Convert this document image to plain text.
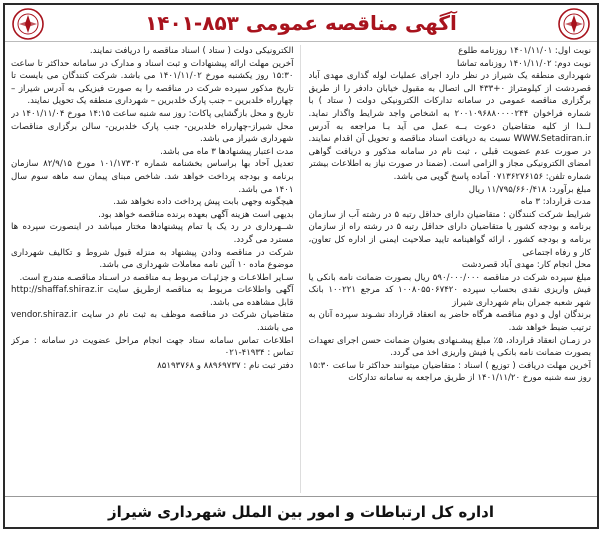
آگهی مناقصه عمومی ۸۵۳-۱۴۰۱

نوبت اول: ۱۴۰۱/۱۱/۰۱ روزنامه طلوع

نوبت دوم: ۱۴۰۱/۱۱/۰۲ روزنامه تماشا

شهرداری منطقه یک شیراز در نظر دارد اجرای عملیات لوله گذاری مهدی آباد قصردشت از کیلومتراژ ۰+۴۳۳ الی اتصال به مقبول خیابان دادفر را از طریق برگزاری مناقصه عمومی در سامانه تدارکات الکترونیکی دولت ( ستاد ) با شماره فراخوان ۲۰۰۱۰۹۶۸۸۰۰۰۰۲۴۴ به اشخاص واجد شرایط واگذار نماید. لــذا از کلیه متقاضیان دعوت بــه عمل می آید بـا مراجعه به آدرس WWW.Setadiran.ir نسبت به دریافت اسناد مناقصه و تحویل آن اقدام نمایند. در صورت عدم عضویت قبلی ، ثبت نام در سامانه مذکور و دریافت گواهی امضای الکترونیکی مجاز و الزامی است. (ضمنا در صورت نیاز به اطلاعات بیشتر شماره تلفن: ۰۷۱۳۶۲۷۶۱۵۶ آماده پاسخ گویی می باشد.

مبلغ برآورد: ۱۱/۷۹۵/۶۶۰/۴۱۸ ریال

مدت قرارداد: ۳ ماه

شرایط شرکت کنندگان : متقاضیان دارای حداقل رتبه ۵ در رشته آب از سازمان برنامه و بودجه کشور یا متقاضیان دارای حداقل رتبه ۵ در رشته راه از سازمان برنامه و بودجه کشور ، ارائه گواهینامه تایید صلاحیت ایمنی از اداره کل تعاون، کار و رفاه اجتماعی

محل انجام کار: مهدی آباد قصردشت

مبلغ سپرده شرکت در مناقصه ۵۹۰/۰۰۰/۰۰۰ ریال بصورت ضمانت نامه بانکی یا فیش واریزی نقدی بحساب سپرده ۱۰۰۸۰۵۵۰۶۷۴۲۰ کد مرجع ۱۰۰۲۲۱ بانک شهر شعبه جمران بنام شهرداری شیراز

برندگان اول و دوم مناقصه هرگاه حاضر به انعقاد قرارداد نشـوند سپرده آنان به ترتیب ضبط خواهد شد.

در زمـان انعقاد قرارداد، ۵٪ مبلغ پیشـنهادی بعنوان ضمانت حسن اجرای تعهدات بصورت ضمانت نامه بانکی یا فیش واریزی اخذ می گردد.

آخرین مهلت دریافت ( توزیع ) اسناد : متقاضیان میتوانند حداکثر تا ساعت ۱۵:۳۰ روز سه شنبه مورخ ۱۴۰۱/۱۱/۲۰ از طریق مراجعه به سامانه تدارکات

الکترونیکی دولت ( ستاد ) اسناد مناقصه را دریافت نمایند.

آخرین مهلت ارائه پیشنهادات و ثبت اسناد و مدارک در سامانه حداکثر تا ساعت ۱۵:۳۰ روز یکشنبه مورخ ۱۴۰۱/۱۱/۰۲ می باشد. شرکت کنندگان می بایست تا تاریخ مذکور سپرده شرکت در مناقصه را به صورت فیزیکی به آدرس شیراز – چهارراه خلدبرین – جنب پارک خلدبرین – شهرداری منطقه یک تحویل نمایند.

تاریخ و محل بازگشایی پاکات: روز سه شنبه ساعت ۱۴:۱۵ مورخ ۱۴۰۱/۱۱/۰۴ در محل شیراز-چهارراه خلدبرین- جنب پارک خلدبرین- سالن برگزاری مناقصات شهرداری شیراز می باشد.

مدت اعتبار پیشنهادها ۳ ماه می باشد.

تعدیل آحاد بها براساس بخشنامه شماره ۱۰۱/۱۷۳۰۲ مورخ ۸۲/۹/۱۵ سازمان برنامه و بودجه پرداخت خواهد شد. شاخص مبنای پیمان سه ماهه سوم سال ۱۴۰۱ می باشد.

هیچگونه وجهی بابت پیش پرداخت داده نخواهد شد.

بدیهی است هزینه آگهی بعهده برنده مناقصه خواهد بود.

شــهرداری در رد یک یا تمام پیشنهادها مختار میباشد در اینصورت سپرده ها مسترد می گردد.

شرکت در مناقصه ودادن پیشنهاد به منزله قبول شروط و تکالیف شهرداری موضوع ماده ۱۰ آئین نامه معاملات شهرداری می باشد.

سـایر اطلاعـات و جزئیـات مربوط بـه مناقصه در اسـناد مناقصـه مندرج است.

آگهی واطلاعات مربوط به مناقصه ازطریق سایت http://shaffaf.shiraz.ir قابل مشاهده می باشد.

متقاضیان شرکت در مناقصه موظف به ثبت نام در سایت vendor.shiraz.ir می باشند.

اطلاعات تماس سامانه ستاد جهت انجام مراحل عضویت در سامانه : مرکز تماس : ۴۱۹۳۴-۰۲۱

دفتر ثبت نام : ۸۸۹۶۹۷۳۷ و ۸۵۱۹۳۷۶۸

اداره کل ارتباطات و امور بین الملل شهرداری شیراز
